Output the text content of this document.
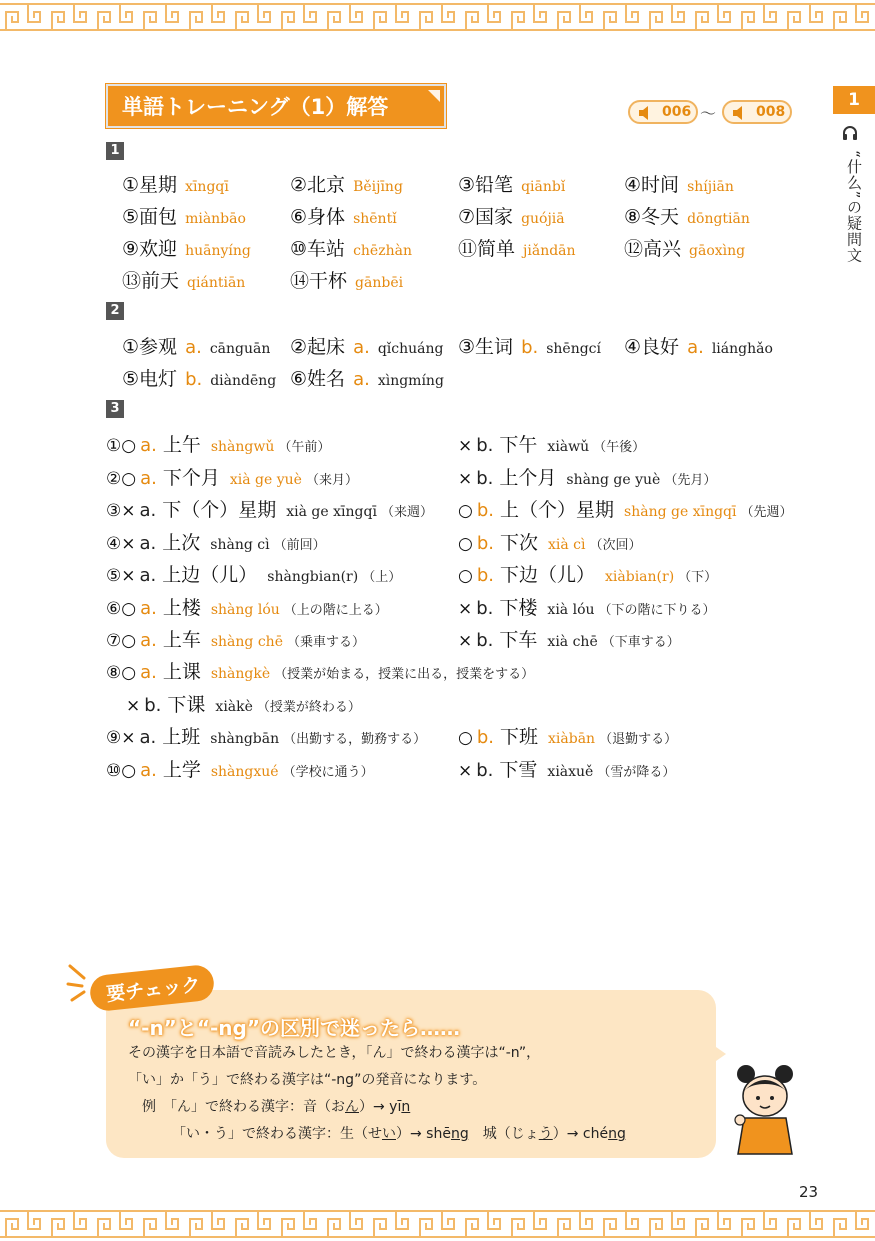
1
“什么”の疑問文
単語トレーニング（1）解答	006 ～	008
1
①星期 xīngqī	②北京 Běijīng	③铅笔 qiānbǐ	④时间 shíjiān
⑤面包 miànbāo ⑥身体 shēntǐ	⑦国家 guójiā	⑧冬天 dōngtiān
⑨欢迎 huānyíng ⑩车站 chēzhàn ⑪简单 jiǎndān	⑫高兴 gāoxìng
⑬前天 qiántiān ⑭干杯 gānbēi
2
①参观 a. cānguān ②起床 a. qǐchuáng ③生词 b. shēngcí ④良好 a. liánghǎo
⑤电灯 b. diàndēng ⑥姓名 a. xìngmíng
3
①○ a. 上午 shàngwǔ （午前）	× b. 下午 xiàwǔ （午後）
②○ a. 下个月 xià ge yuè （来月）	× b. 上个月 shàng ge yuè （先月）
③× a. 下（个）星期 xià ge xīngqī （来週） ○ b. 上（个）星期 shàng ge xīngqī （先週）
④× a. 上次 shàng cì （前回）	○ b. 下次 xià cì （次回）
⑤× a. 上边（儿） shàngbian(r) （上）	○ b. 下边（儿） xiàbian(r) （下）
⑥○ a. 上楼 shàng lóu （上の階に上る）	× b. 下楼 xià lóu （下の階に下りる）
⑦○ a. 上车 shàng chē （乗車する）	× b. 下车 xià chē （下車する）
⑧○ a. 上课 shàngkè （授業が始まる，授業に出る，授業をする）
× b. 下课 xiàkè （授業が終わる）
⑨× a. 上班 shàngbān （出勤する，勤務する） ○ b. 下班 xiàbān （退勤する）
⑩○ a. 上学 shàngxué （学校に通う）	× b. 下雪 xiàxuě （雪が降る）
要チェック
“-n”と“-ng”の区別で迷ったら……
その漢字を日本語で音読みしたとき，「ん」で終わる漢字は“-n”，
「い」か「う」で終わる漢字は“-ng”の発音になります。
例　 「ん」で終わる漢字：音（おん）→ yīn
「い・う」で終わる漢字：生（せい）→ shēng　城（じょう）→ chéng
23
